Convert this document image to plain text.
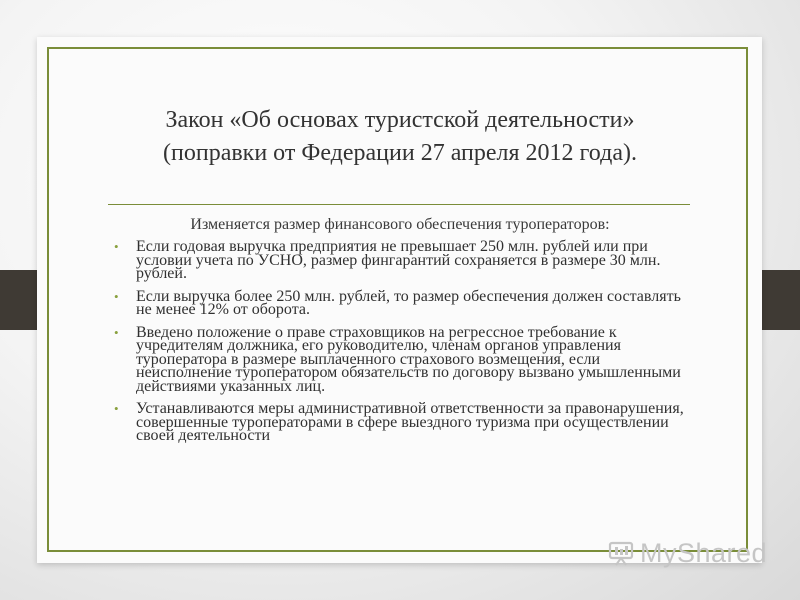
Закон «Об основах туристской деятельности»
(поправки от Федерации 27 апреля 2012 года).
Изменяется размер финансового обеспечения туроператоров:
• Если годовая выручка предприятия не превышает 250 млн. рублей или при условии учета по УСНО, размер фингарантий сохраняется в размере 30 млн. рублей.
• Если выручка более 250 млн. рублей, то размер обеспечения должен составлять не менее 12% от оборота.
• Введено положение о праве страховщиков на регрессное требование к учредителям должника, его руководителю, членам органов управления туроператора в размере выплаченного страхового возмещения, если неисполнение туроператором обязательств по договору вызвано умышленными действиями указанных лиц.
• Устанавливаются меры административной ответственности за правонарушения, совершенные туроператорами в сфере выездного туризма при осуществлении своей деятельности
MyShared
